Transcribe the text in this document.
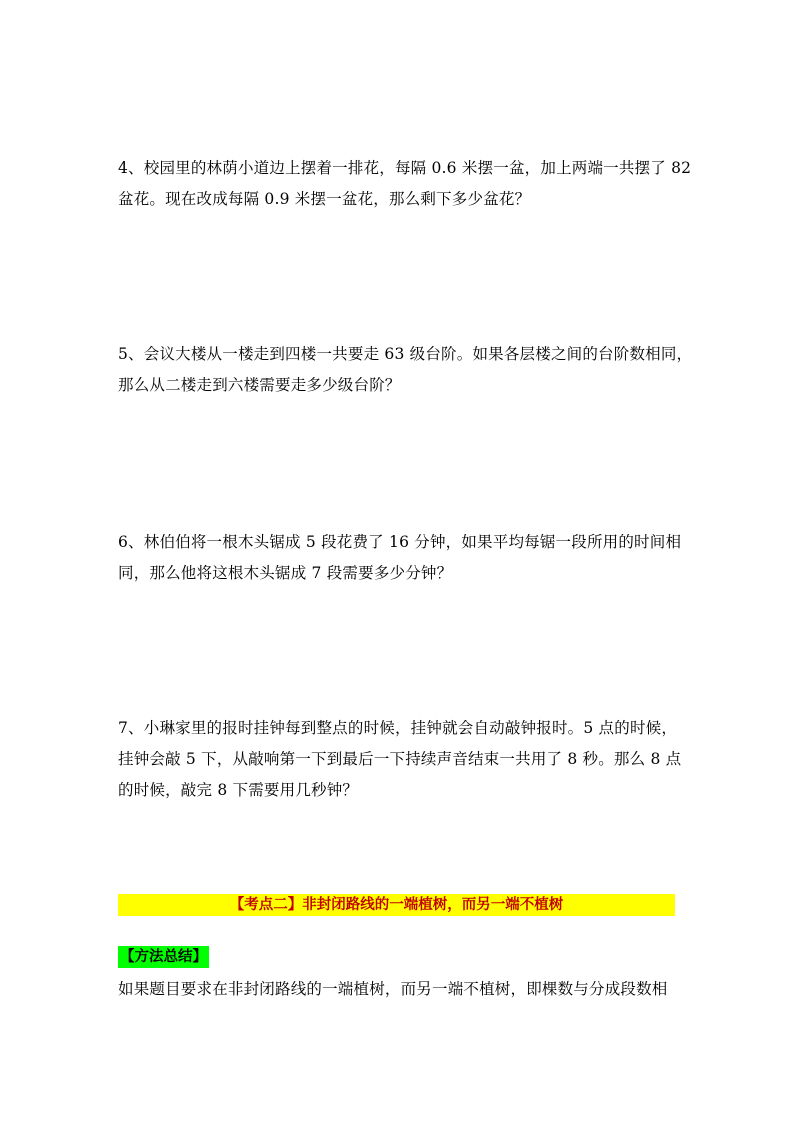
4、校园里的林荫小道边上摆着一排花，每隔 0.6 米摆一盆，加上两端一共摆了 82
盆花。现在改成每隔 0.9 米摆一盆花，那么剩下多少盆花？
5、会议大楼从一楼走到四楼一共要走 63 级台阶。如果各层楼之间的台阶数相同，
那么从二楼走到六楼需要走多少级台阶？
6、林伯伯将一根木头锯成 5 段花费了 16 分钟，如果平均每锯一段所用的时间相
同，那么他将这根木头锯成 7 段需要多少分钟？
7、小琳家里的报时挂钟每到整点的时候，挂钟就会自动敲钟报时。5 点的时候，
挂钟会敲 5 下，从敲响第一下到最后一下持续声音结束一共用了 8 秒。那么 8 点
的时候，敲完 8 下需要用几秒钟？
【考点二】非封闭路线的一端植树，而另一端不植树
【方法总结】
如果题目要求在非封闭路线的一端植树，而另一端不植树，即棵数与分成段数相
